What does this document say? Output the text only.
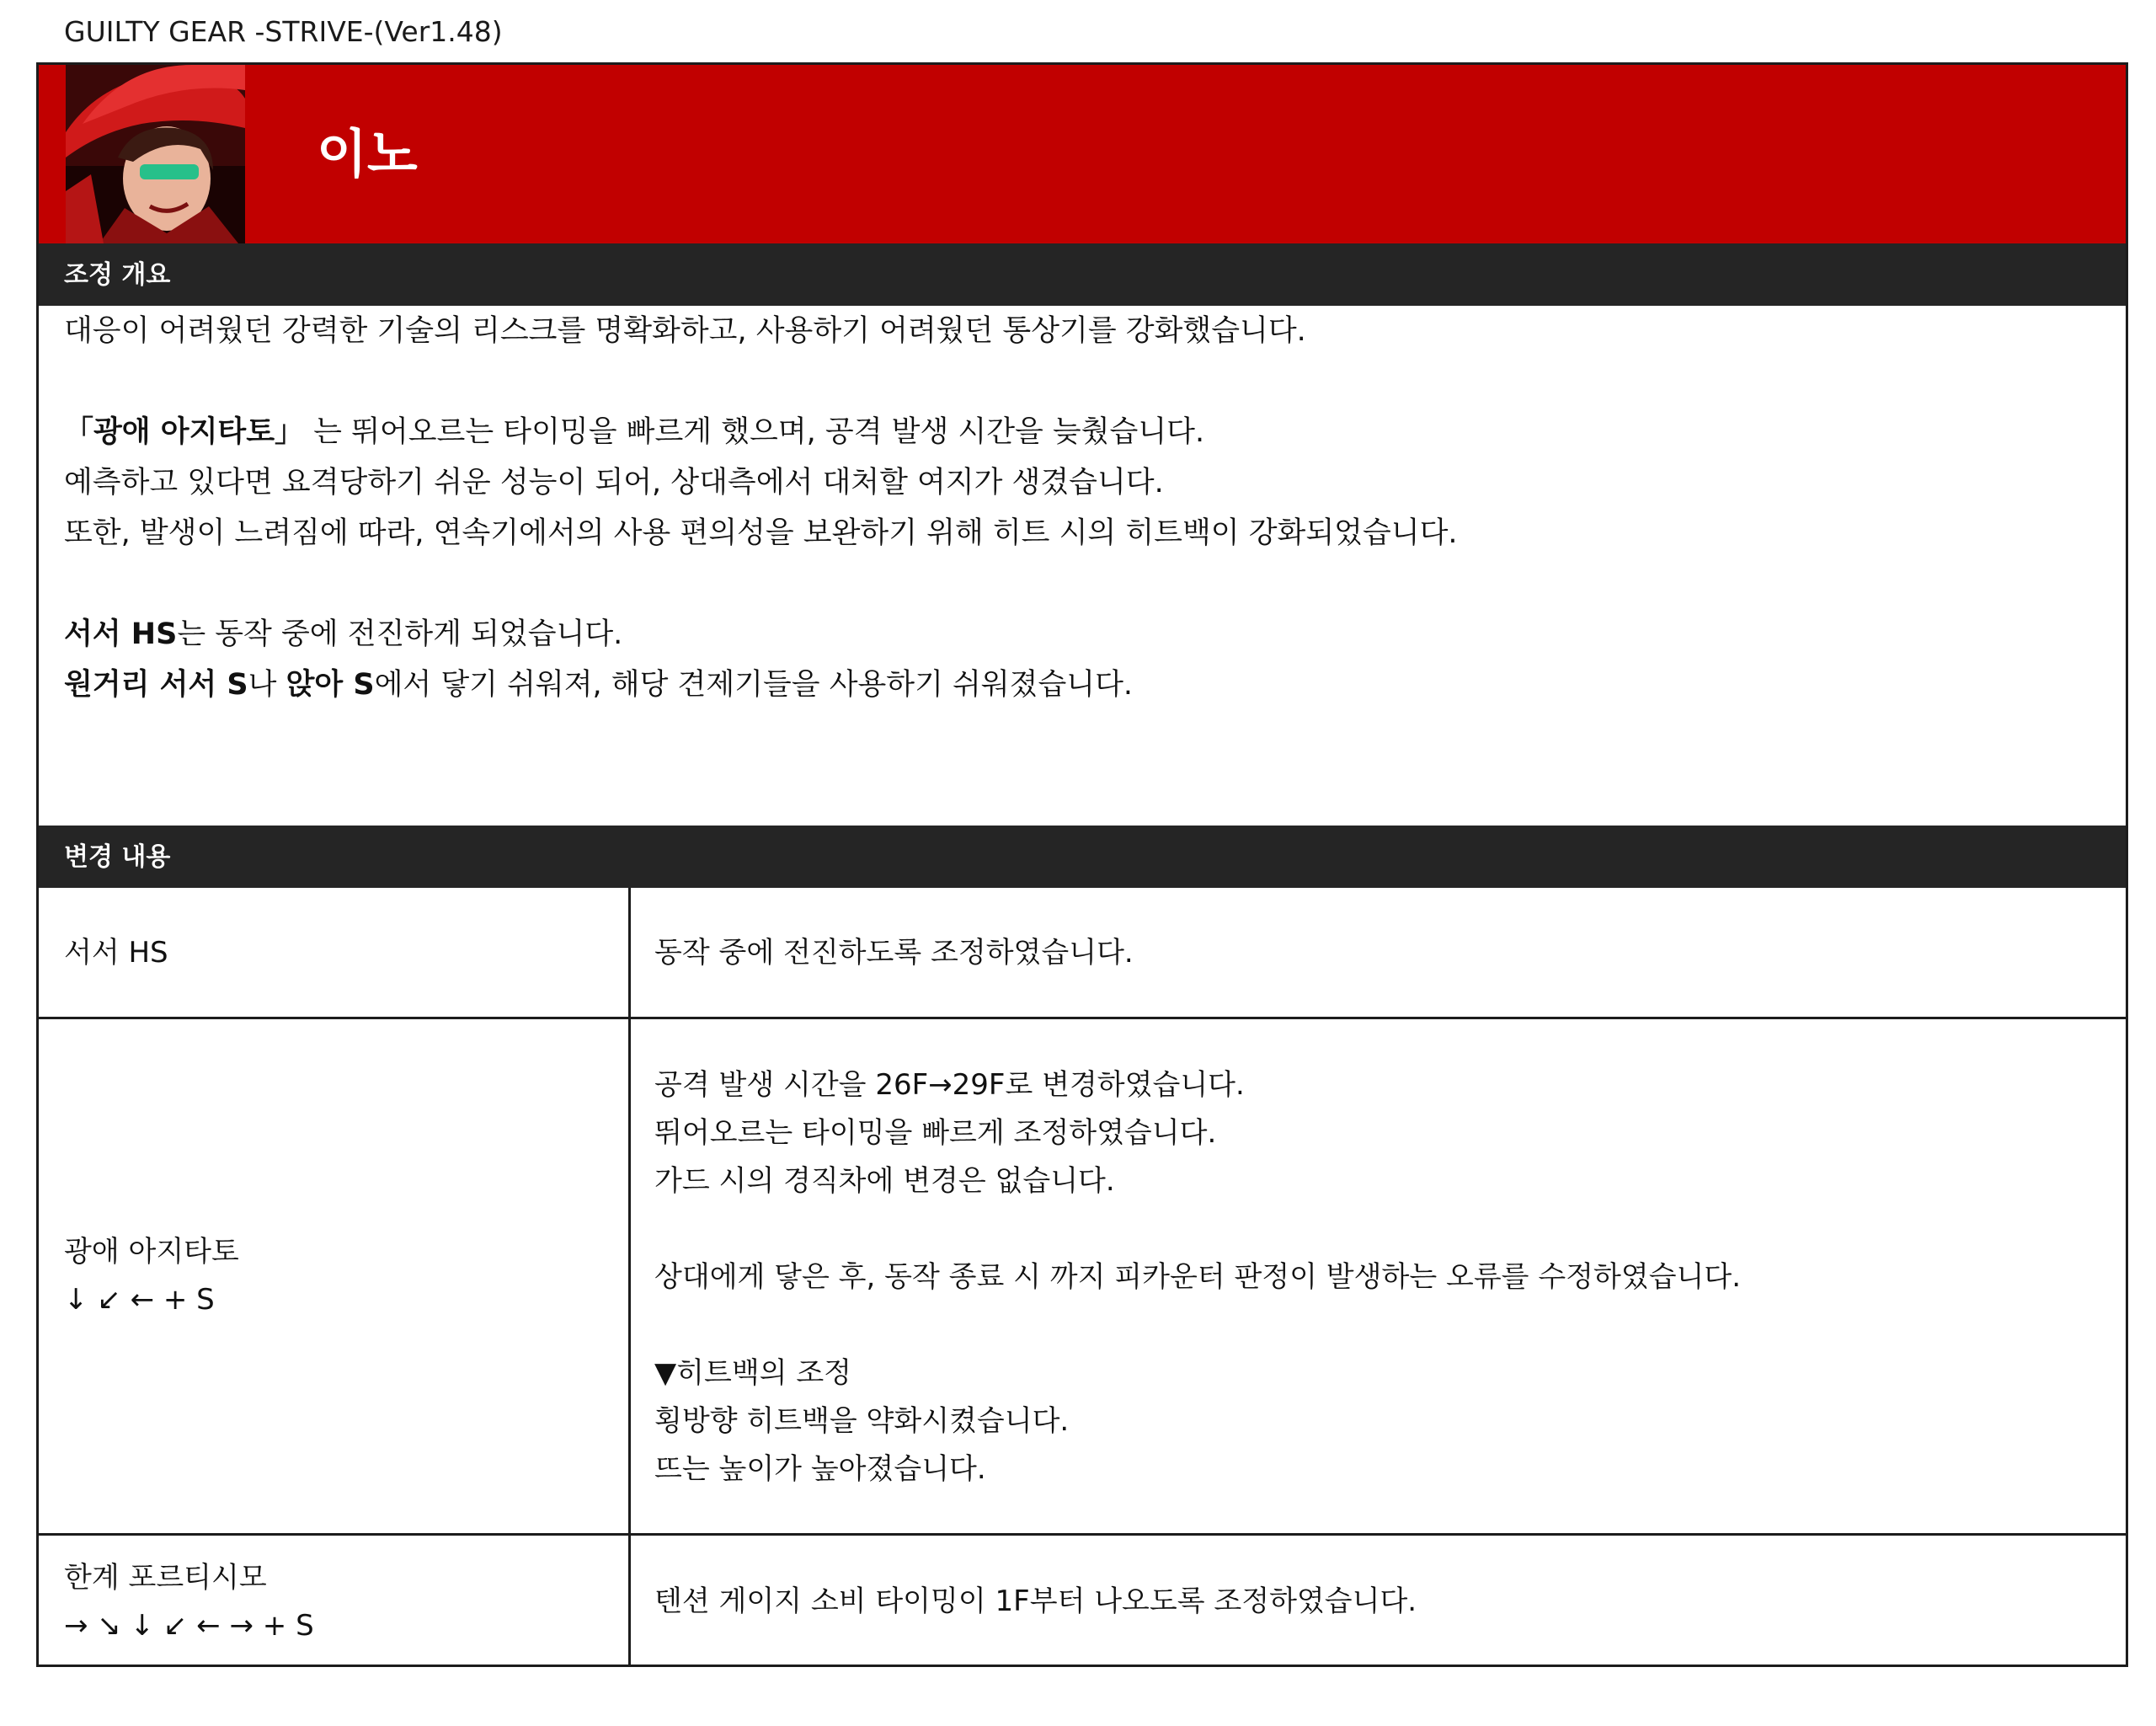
GUILTY GEAR -STRIVE-(Ver1.48)
이노
조정 개요

대응이 어려웠던 강력한 기술의 리스크를 명확화하고, 사용하기 어려웠던 통상기를 강화했습니다.

「광애 아지타토」 는 뛰어오르는 타이밍을 빠르게 했으며, 공격 발생 시간을 늦췄습니다.

예측하고 있다면 요격당하기 쉬운 성능이 되어, 상대측에서 대처할 여지가 생겼습니다.

또한, 발생이 느려짐에 따라, 연속기에서의 사용 편의성을 보완하기 위해 히트 시의 히트백이 강화되었습니다.

서서 HS는 동작 중에 전진하게 되었습니다.

원거리 서서 S나 앉아 S에서 닿기 쉬워져, 해당 견제기들을 사용하기 쉬워졌습니다.

변경 내용

서서 HS	동작 중에 전진하도록 조정하였습니다.

광애 아지타토

↓ ↙ ← + S

공격 발생 시간을 26F→29F로 변경하였습니다.

뛰어오르는 타이밍을 빠르게 조정하였습니다.

가드 시의 경직차에 변경은 없습니다.

상대에게 닿은 후, 동작 종료 시 까지 피카운터 판정이 발생하는 오류를 수정하였습니다.

▼히트백의 조정

횡방향 히트백을 약화시켰습니다.

뜨는 높이가 높아졌습니다.

한계 포르티시모

→ ↘ ↓ ↙ ← → + S

텐션 게이지 소비 타이밍이 1F부터 나오도록 조정하였습니다.
